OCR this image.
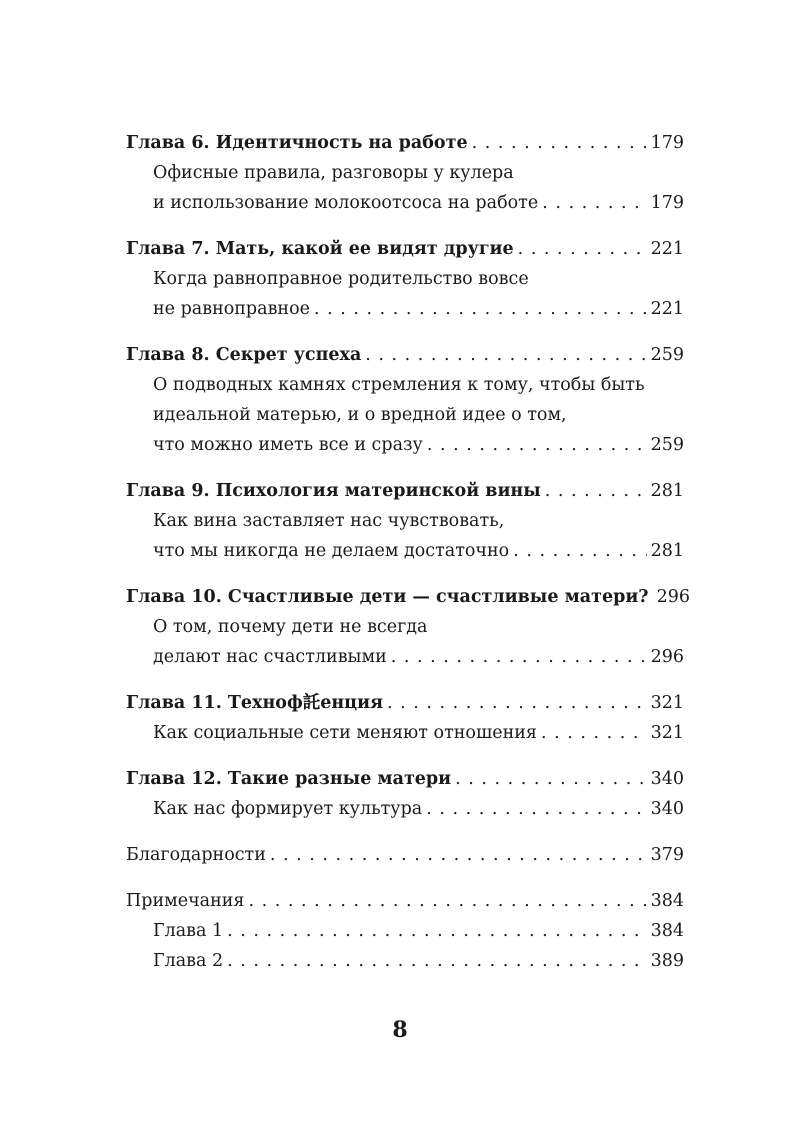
Глава 6. Идентичность на работе . . .	179
Офисные правила, разговоры у кулера
и использование молокоотсоса на работе . . .	179
Глава 7. Мать, какой ее видят другие . . .	221
Когда равноправное родительство вовсе
не равноправное . . .	221
Глава 8. Секрет успеха . . .	259
О подводных камнях стремления к тому, чтобы быть
идеальной матерью, и о вредной идее о том,
что можно иметь все и сразу . . .	259
Глава 9. Психология материнской вины . . .	281
Как вина заставляет нас чувствовать,
что мы никогда не делаем достаточно . . .	281
Глава 10. Счастливые дети — счастливые матери? 296
О том, почему дети не всегда
делают нас счастливыми . . .	296
Глава 11. Техноф託енция . . .	321
Как социальные сети меняют отношения . . .	321
Глава 12. Такие разные матери . . .	340
Как нас формирует культура . . .	340
Благодарности . . .	379
Примечания . . .	384
Глава 1 . . .	384
Глава 2 . . .	389
8
